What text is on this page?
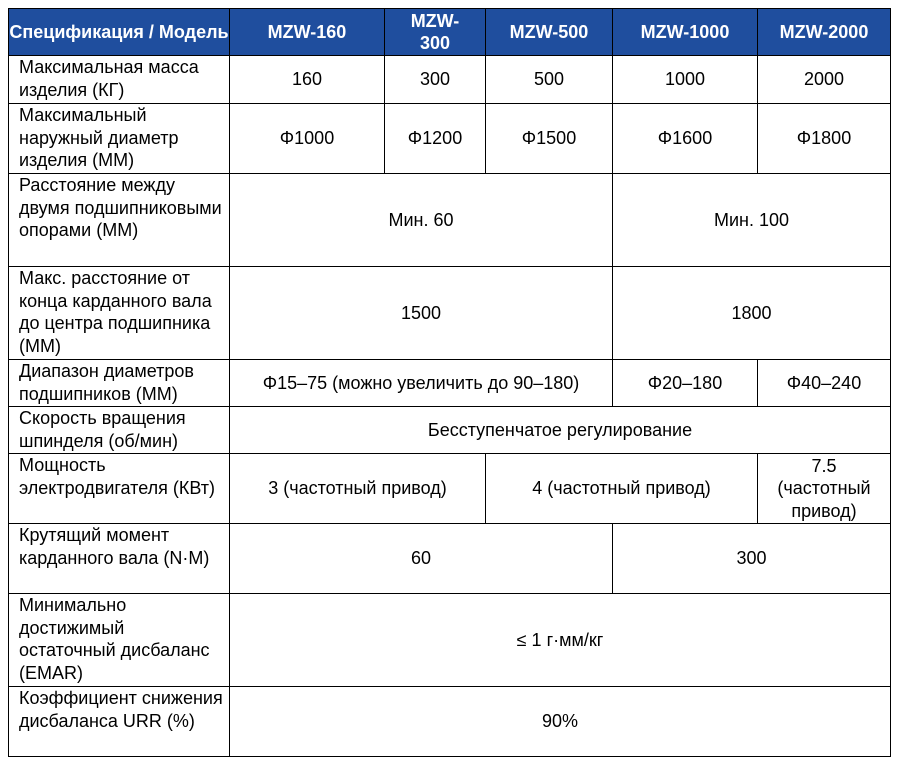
Спецификация / Модель	MZW-160	MZW-300	MZW-500	MZW-1000	MZW-2000
Максимальная масса изделия (КГ)	160	300	500	1000	2000
Максимальный наружный диаметр изделия (ММ)	Φ1000	Φ1200	Φ1500	Φ1600	Φ1800
Расстояние между двумя подшипниковыми опорами (ММ)	Мин. 60			Мин. 100	
Макс. расстояние от конца карданного вала до центра подшипника (ММ)	1500			1800	
Диапазон диаметров подшипников (ММ)	Φ15–75 (можно увеличить до 90–180)			Φ20–180	Φ40–240
Скорость вращения шпинделя (об/мин)	Бесступенчатое регулирование				
Мощность электродвигателя (КВт)	3 (частотный привод)		4 (частотный привод)		7.5 (частотный привод)
Крутящий момент карданного вала (N·M)	60			300	
Минимально достижимый остаточный дисбаланс (EMAR)	≤ 1 г·мм/кг				
Коэффициент снижения дисбаланса URR (%)	90%				
